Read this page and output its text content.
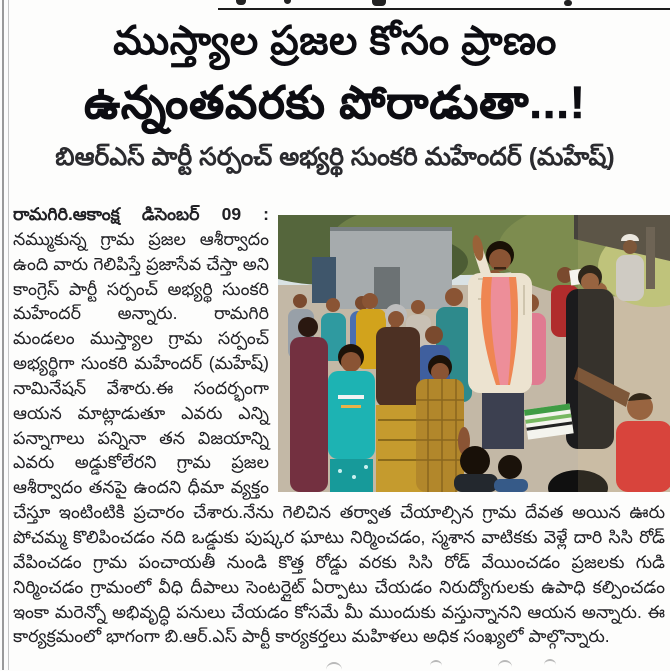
ముస్త్యాల ప్రజల కోసం ప్రాణం
ఉన్నంతవరకు పోరాడుతా...!
బిఆర్ఎస్ పార్టీ సర్పంచ్ అభ్యర్థి సుంకరి మహేందర్ (మహేష్)

రామగిరి.ఆకాంక్ష డిసెంబర్ 09 : నమ్ముకున్న గ్రామ ప్రజల ఆశీర్వాదం ఉంది వారు గెలిపిస్తే ప్రజాసేవ చేస్తా అని కాంగ్రెస్ పార్టీ సర్పంచ్ అభ్యర్థి సుంకరి మహేందర్ అన్నారు. రామగిరి మండలం ముస్త్యాల గ్రామ సర్పంచ్ అభ్యర్థిగా సుంకరి మహేందర్ (మహేష్) నామినేషన్ వేశారు.ఈ సందర్భంగా ఆయన మాట్లాడుతూ ఎవరు ఎన్ని పన్నాగాలు పన్నినా తన విజయాన్ని ఎవరు అడ్డుకోలేరని గ్రామ ప్రజల ఆశీర్వాదం తనపై ఉందని ధీమా వ్యక్తం చేస్తూ ఇంటింటికి ప్రచారం చేశారు.నేను గెలిచిన తర్వాత చేయాల్సిన గ్రామ దేవత అయిన ఊరు పోచమ్మ కొలిపించడం నది ఒడ్డుకు పుష్కర ఘాటు నిర్మించడం, స్మశాన వాటికకు వెళ్లే దారి సిసి రోడ్ వేపించడం గ్రామ పంచాయతీ నుండి కొత్త రోడ్డు వరకు సిసి రోడ్ వేయించడం ప్రజలకు గుడి నిర్మించడం గ్రామంలో వీధి దీపాలు సెంటర్లైట్ ఏర్పాటు చేయడం నిరుద్యోగులకు ఉపాధి కల్పించడం ఇంకా మరెన్నో అభివృద్ధి పనులు చేయడం కోసమే మీ ముందుకు వస్తున్నానని ఆయన అన్నారు. ఈ కార్యక్రమంలో భాగంగా బి.ఆర్.ఎస్ పార్టీ కార్యకర్తలు మహిళలు అధిక సంఖ్యలో పాల్గొన్నారు.
